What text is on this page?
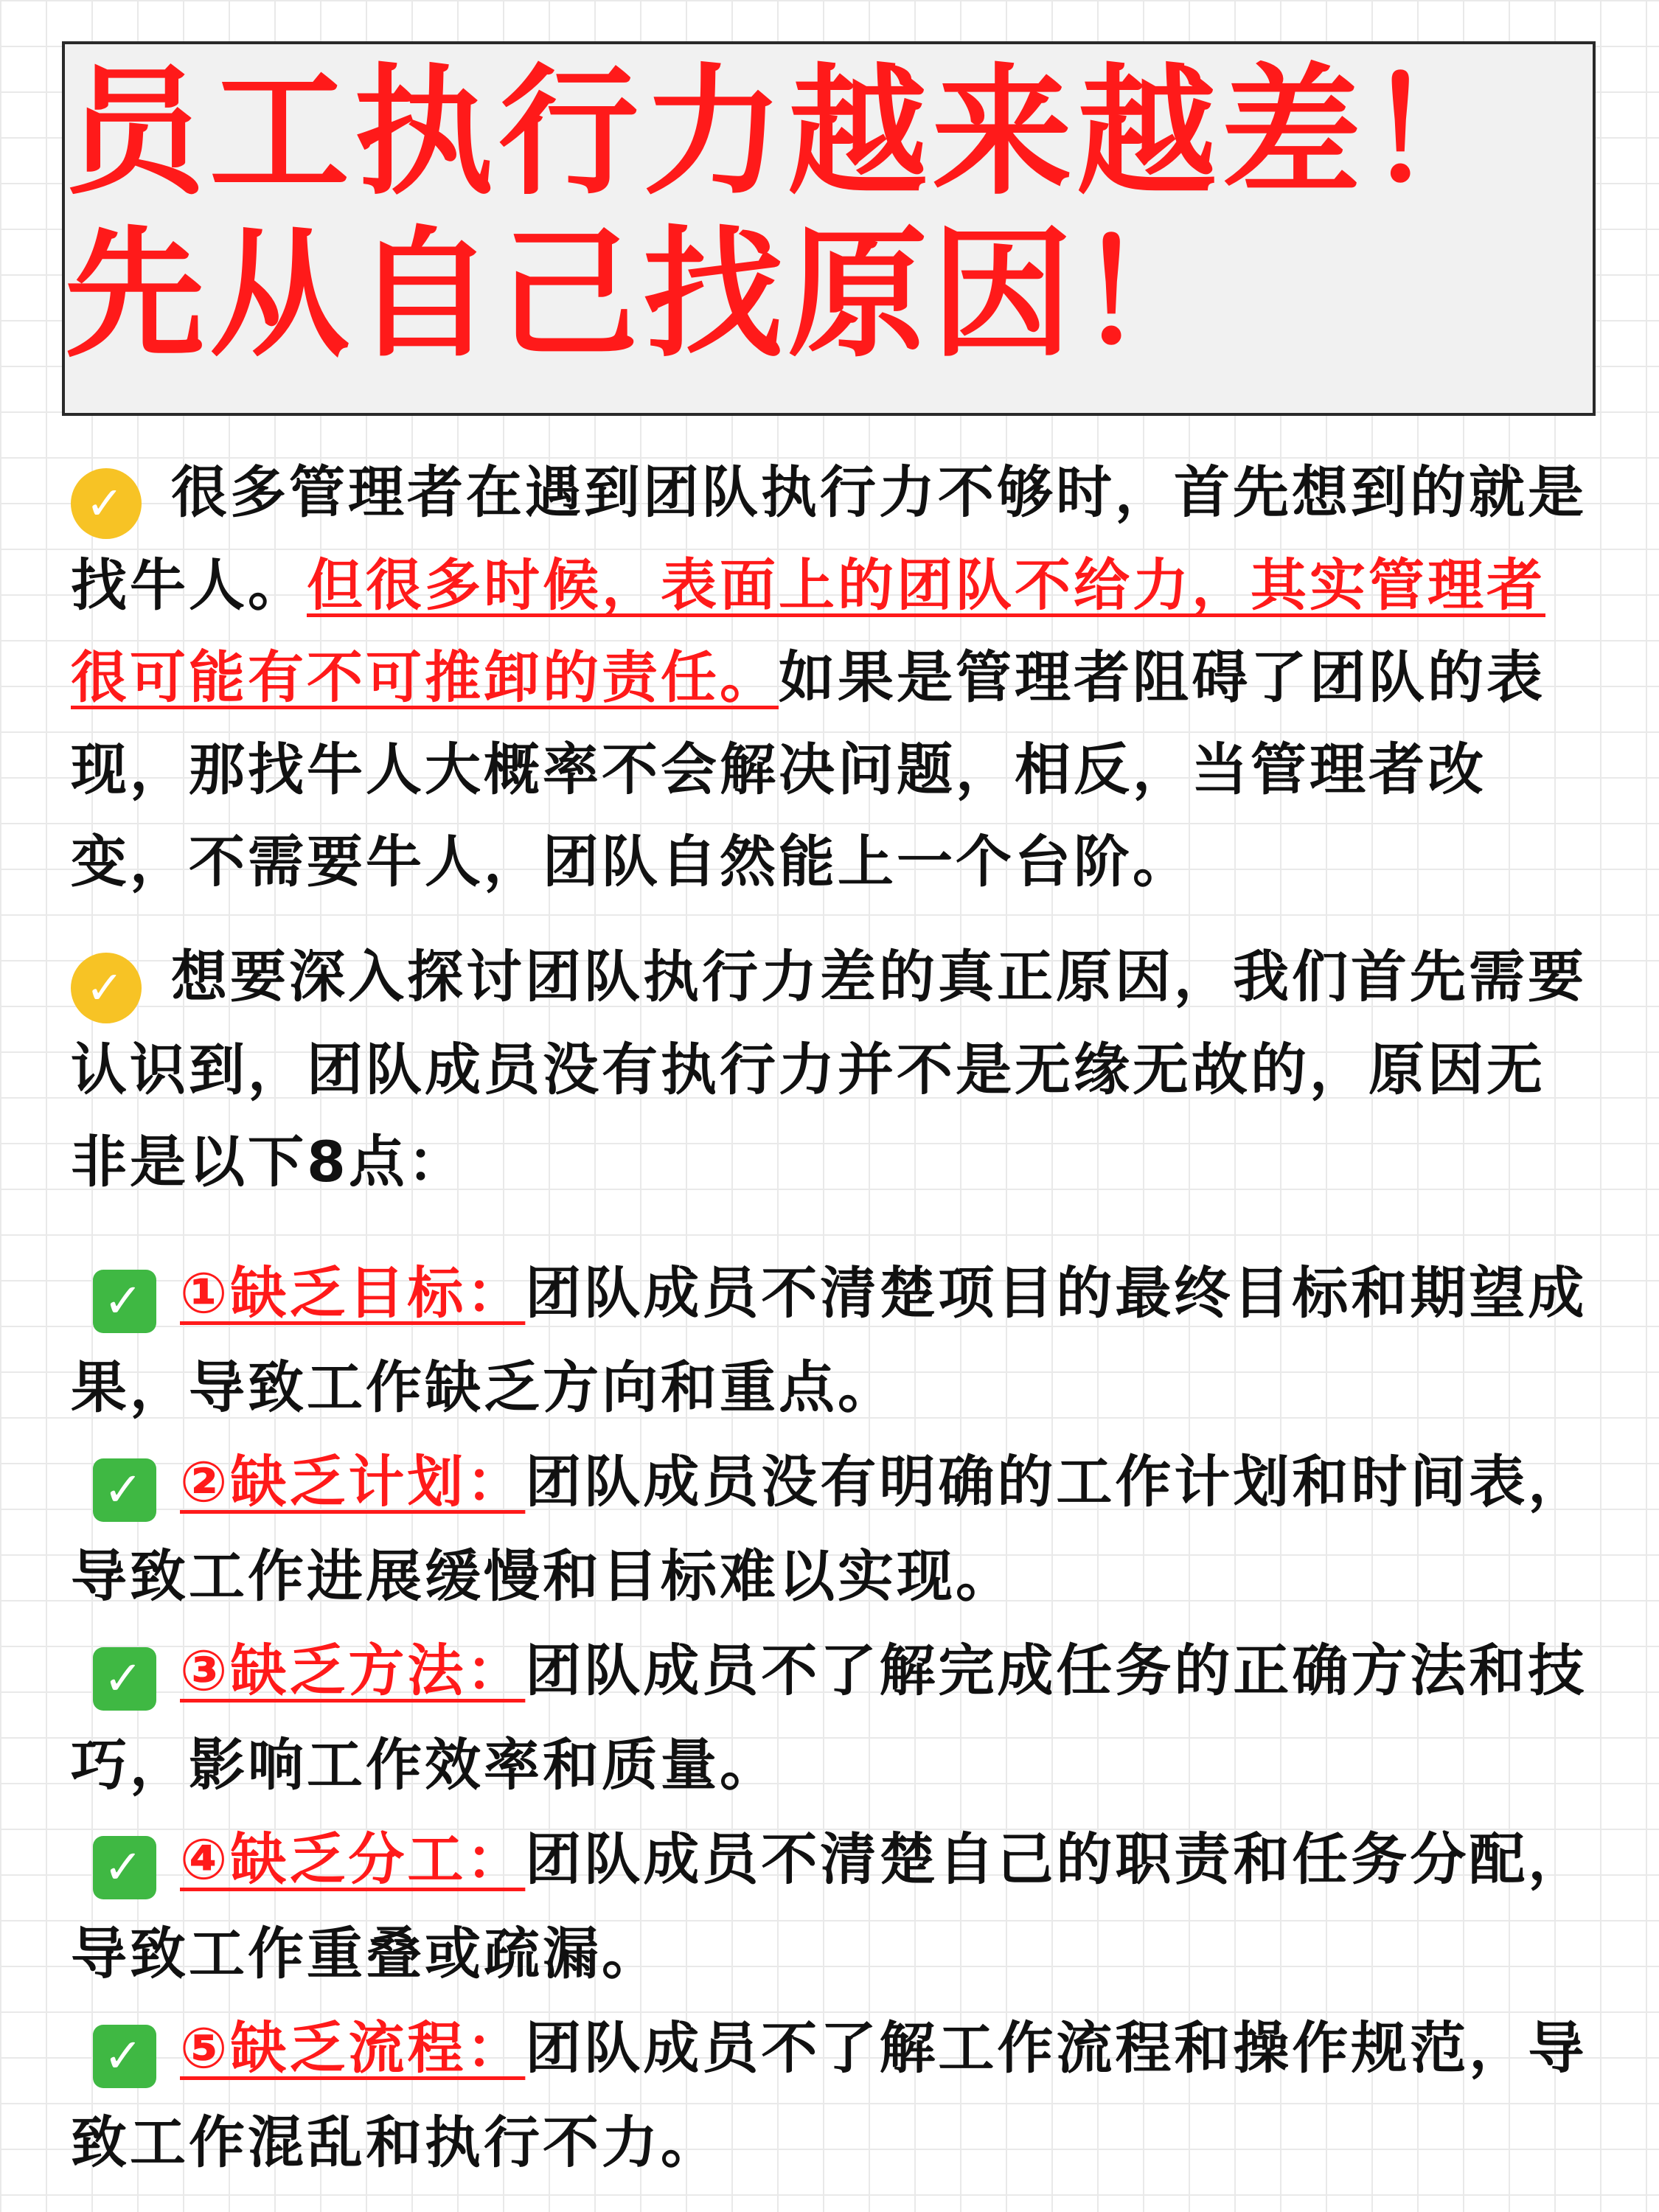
员工执行力越来越差！
先从自己找原因！

✓ 很多管理者在遇到团队执行力不够时，首先想到的就是找牛人。但很多时候，表面上的团队不给力，其实管理者很可能有不可推卸的责任。如果是管理者阻碍了团队的表现，那找牛人大概率不会解决问题，相反，当管理者改变，不需要牛人，团队自然能上一个台阶。

✓ 想要深入探讨团队执行力差的真正原因，我们首先需要认识到，团队成员没有执行力并不是无缘无故的，原因无非是以下8点：

✓ ①缺乏目标：团队成员不清楚项目的最终目标和期望成果，导致工作缺乏方向和重点。
✓ ②缺乏计划：团队成员没有明确的工作计划和时间表，导致工作进展缓慢和目标难以实现。
✓ ③缺乏方法：团队成员不了解完成任务的正确方法和技巧，影响工作效率和质量。
✓ ④缺乏分工：团队成员不清楚自己的职责和任务分配，导致工作重叠或疏漏。
✓ ⑤缺乏流程：团队成员不了解工作流程和操作规范，导致工作混乱和执行不力。
